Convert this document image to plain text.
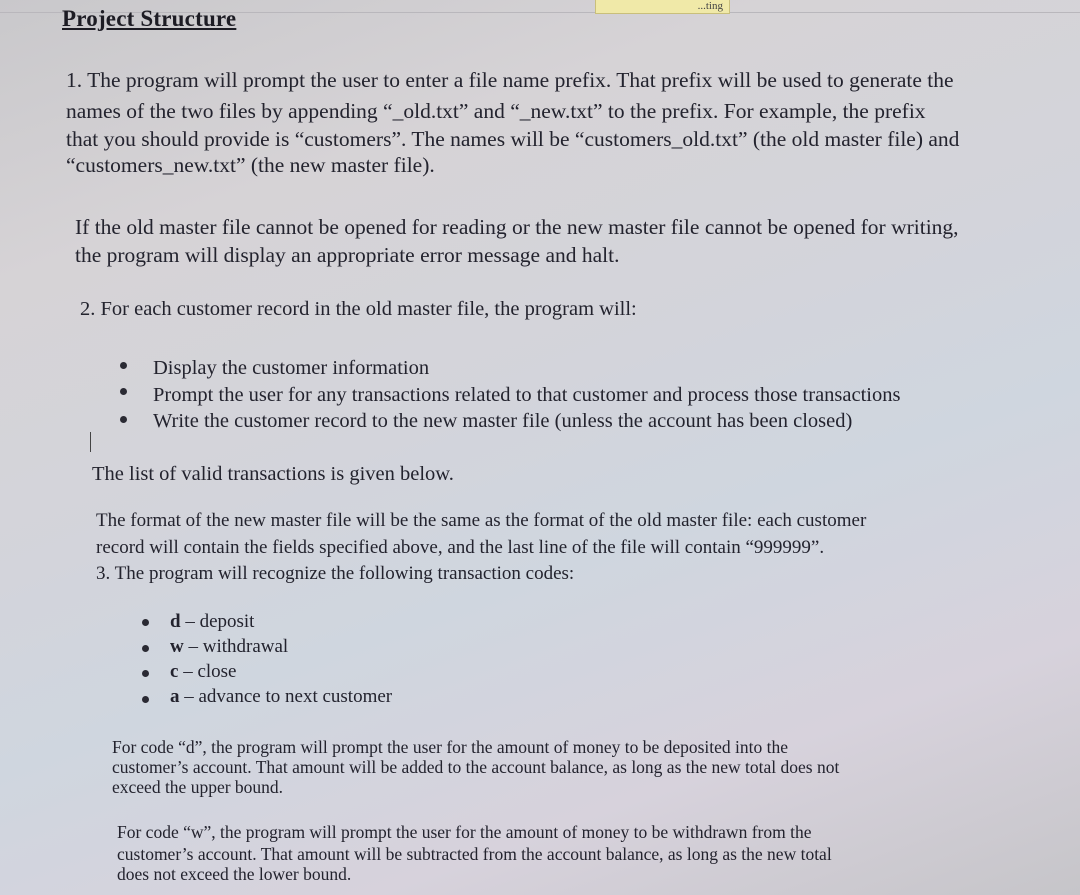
...ting
Project Structure
1. The program will prompt the user to enter a file name prefix. That prefix will be used to generate the
names of the two files by appending “_old.txt” and “_new.txt” to the prefix. For example, the prefix
that you should provide is “customers”. The names will be “customers_old.txt” (the old master file) and
“customers_new.txt” (the new master file).
If the old master file cannot be opened for reading or the new master file cannot be opened for writing,
the program will display an appropriate error message and halt.
2. For each customer record in the old master file, the program will:
Display the customer information
Prompt the user for any transactions related to that customer and process those transactions
Write the customer record to the new master file (unless the account has been closed)
The list of valid transactions is given below.
The format of the new master file will be the same as the format of the old master file: each customer
record will contain the fields specified above, and the last line of the file will contain “999999”.
3. The program will recognize the following transaction codes:
d – deposit
w – withdrawal
c – close
a – advance to next customer
For code “d”, the program will prompt the user for the amount of money to be deposited into the
customer’s account. That amount will be added to the account balance, as long as the new total does not
exceed the upper bound.
For code “w”, the program will prompt the user for the amount of money to be withdrawn from the
customer’s account. That amount will be subtracted from the account balance, as long as the new total
does not exceed the lower bound.
